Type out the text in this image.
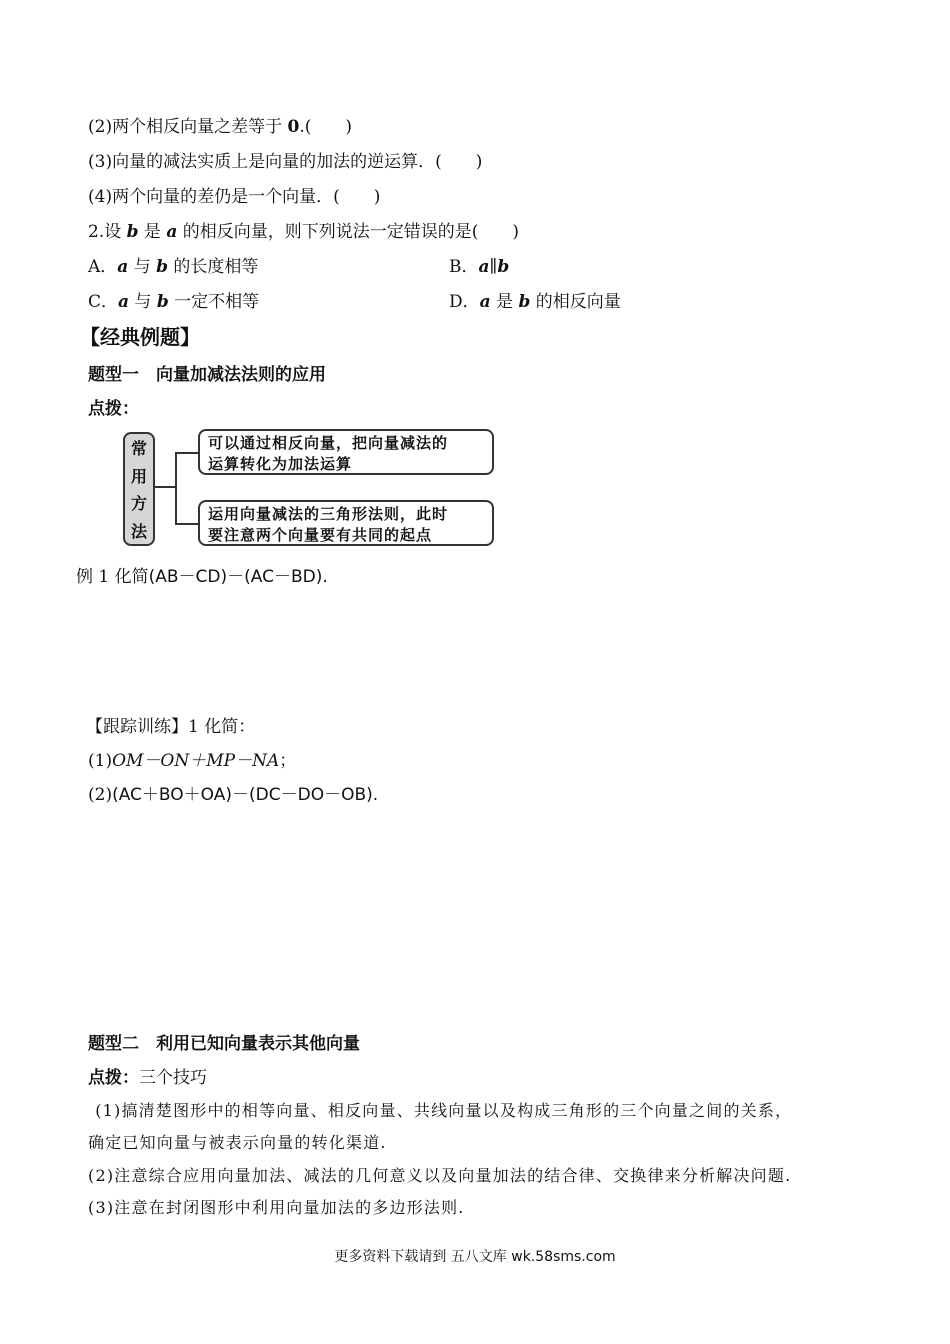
(2)两个相反向量之差等于 0.(　　)
(3)向量的减法实质上是向量的加法的逆运算．(　　)
(4)两个向量的差仍是一个向量．(　　)
2.设 b 是 a 的相反向量，则下列说法一定错误的是(　　)
A．a 与 b 的长度相等	B．a∥b
C．a 与 b 一定不相等	D．a 是 b 的相反向量
【经典例题】
题型一　向量加减法法则的应用
点拨：
常
用
方
法
可以通过相反向量，把向量减法的
运算转化为加法运算
运用向量减法的三角形法则，此时
要注意两个向量要有共同的起点
例 1 化简(AB－CD)－(AC－BD).
【跟踪训练】1 化简：
(1)OM－ON＋MP－NA；
(2)(AC＋BO＋OA)－(DC－DO－OB).
题型二　利用已知向量表示其他向量
点拨：三个技巧
 (1)搞清楚图形中的相等向量、相反向量、共线向量以及构成三角形的三个向量之间的关系，
确定已知向量与被表示向量的转化渠道.
(2)注意综合应用向量加法、减法的几何意义以及向量加法的结合律、交换律来分析解决问题.
(3)注意在封闭图形中利用向量加法的多边形法则.
更多资料下载请到 五八文库 wk.58sms.com
